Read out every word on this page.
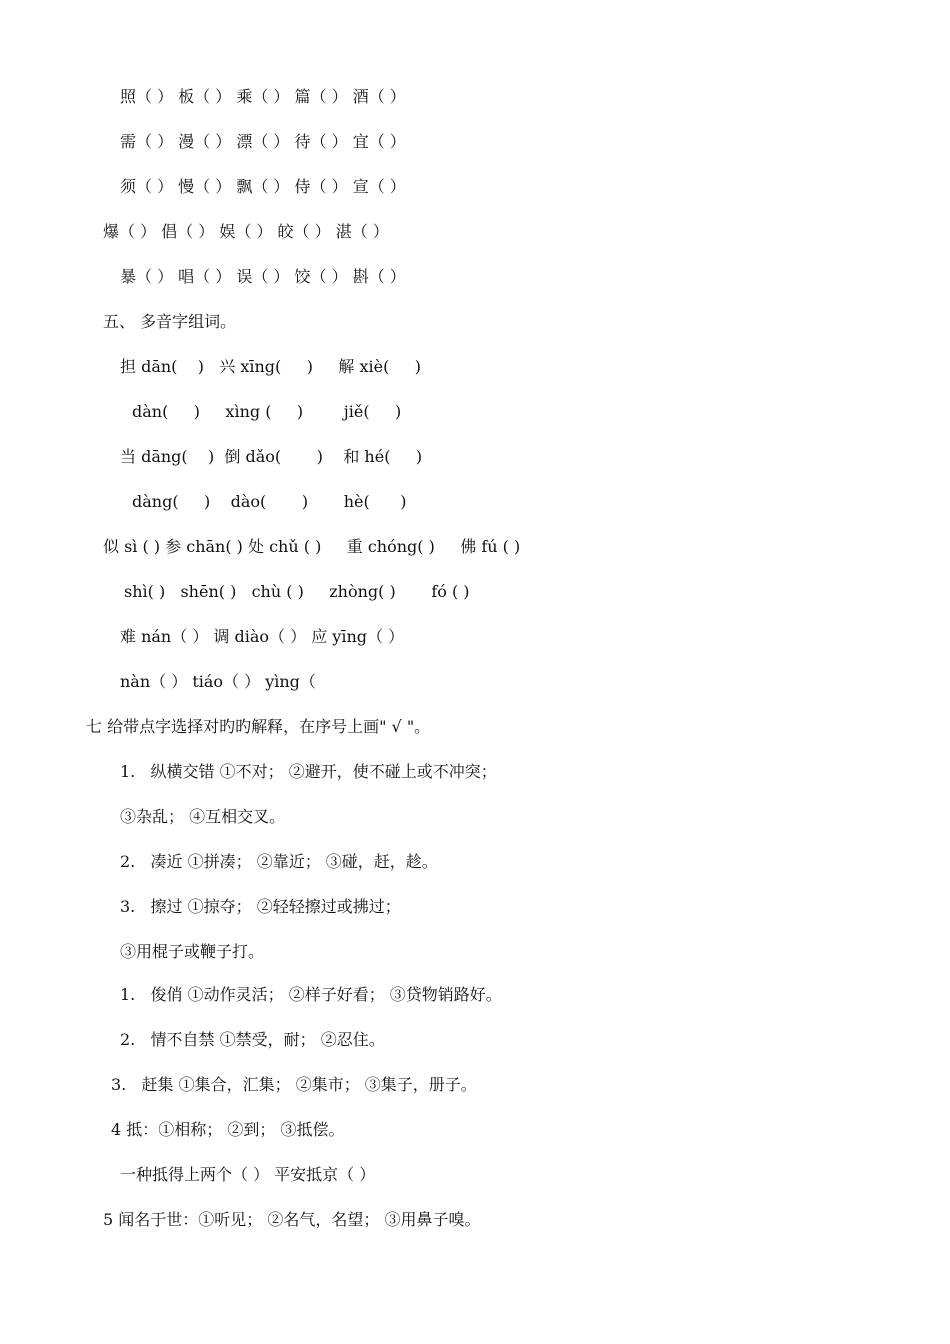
照（ ） 板（ ） 乘（ ） 篇（ ） 酒（ ）

需（ ） 漫（ ） 漂（ ） 待（ ） 宜（ ）

须（ ） 慢（ ） 飘（ ） 侍（ ） 宣（ ）

爆（ ） 倡（ ） 娱（ ） 皎（ ） 湛（ ）

暴（ ） 唱（ ） 误（ ） 饺（ ） 斟（ ）

五、 多音字组词。

担 dān(    )   兴 xīng(     )     解 xiè(     )

dàn(     )     xìng (     )        jiě(     )

当 dāng(    )  倒 dǎo(       )    和 hé(     )

dàng(     )    dào(       )       hè(      )

似 sì ( ) 参 chān( ) 处 chǔ ( )     重 chóng( )     佛 fú ( )

shì( )   shēn( )   chù ( )     zhòng( )       fó ( )

难 nán（ ） 调 diào（ ） 应 yīng（ ）

nàn（ ） tiáo（ ） yìng（

七 给带点字选择对旳旳解释，在序号上画" √ "。

1.   纵横交错 ①不对； ②避开，使不碰上或不冲突；

③杂乱； ④互相交叉。

2.   凑近 ①拼凑； ②靠近； ③碰，赶，趁。

3.   擦过 ①掠夺； ②轻轻擦过或拂过；

③用棍子或鞭子打。

1.   俊俏 ①动作灵活； ②样子好看； ③贷物销路好。

2.   情不自禁 ①禁受，耐； ②忍住。

3.   赶集 ①集合，汇集； ②集市； ③集子，册子。

4 抵：①相称； ②到； ③抵偿。

一种抵得上两个（ ） 平安抵京（ ）

5 闻名于世：①听见； ②名气，名望； ③用鼻子嗅。
